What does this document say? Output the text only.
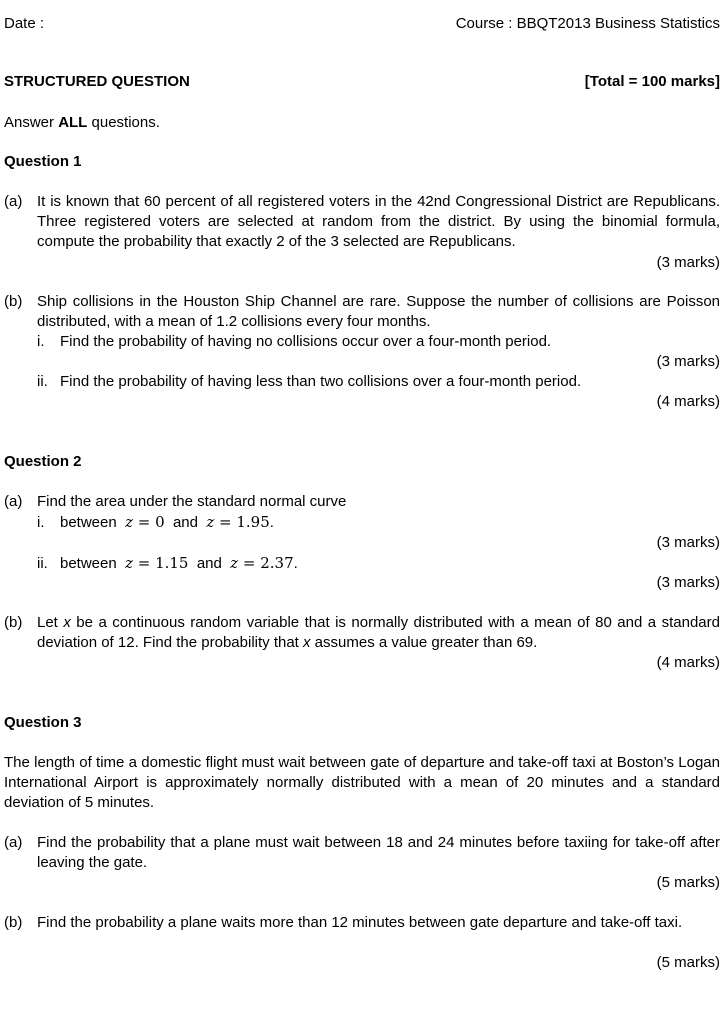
Date :	Course : BBQT2013 Business Statistics
STRUCTURED QUESTION	[Total = 100 marks]
Answer ALL questions.
Question 1
(a) It is known that 60 percent of all registered voters in the 42nd Congressional District are Republicans. Three registered voters are selected at random from the district. By using the binomial formula, compute the probability that exactly 2 of the 3 selected are Republicans.
(3 marks)
(b) Ship collisions in the Houston Ship Channel are rare. Suppose the number of collisions are Poisson distributed, with a mean of 1.2 collisions every four months.
i. Find the probability of having no collisions occur over a four-month period.
(3 marks)
ii. Find the probability of having less than two collisions over a four-month period.
(4 marks)
Question 2
(a) Find the area under the standard normal curve
i. between z = 0 and z = 1.95.
(3 marks)
ii. between z = 1.15 and z = 2.37.
(3 marks)
(b) Let x be a continuous random variable that is normally distributed with a mean of 80 and a standard deviation of 12. Find the probability that x assumes a value greater than 69.
(4 marks)
Question 3
The length of time a domestic flight must wait between gate of departure and take-off taxi at Boston’s Logan International Airport is approximately normally distributed with a mean of 20 minutes and a standard deviation of 5 minutes.
(a) Find the probability that a plane must wait between 18 and 24 minutes before taxiing for take-off after leaving the gate.
(5 marks)
(b) Find the probability a plane waits more than 12 minutes between gate departure and take-off taxi.
(5 marks)
